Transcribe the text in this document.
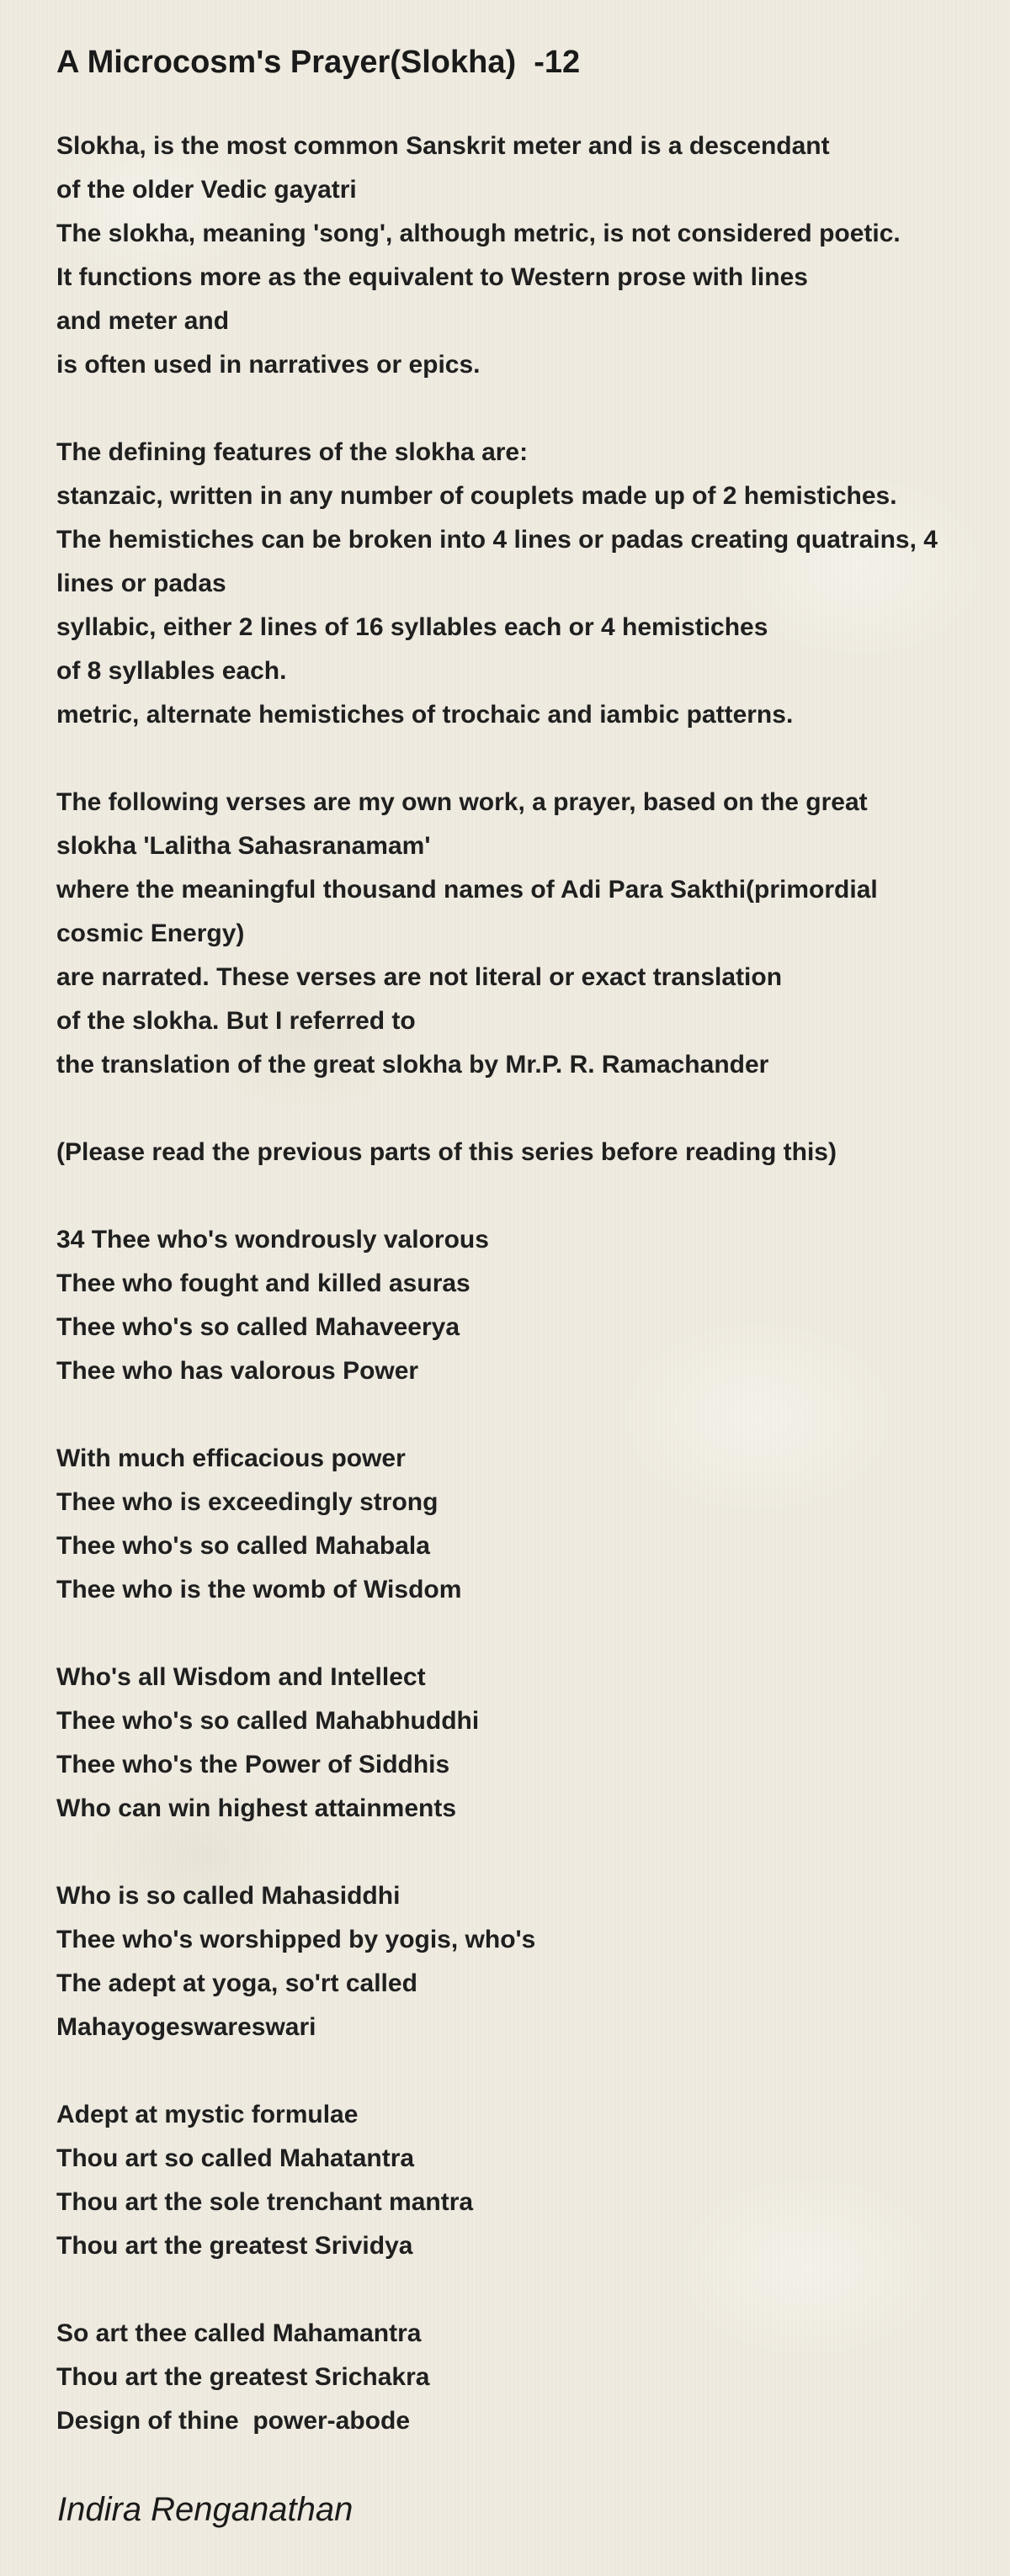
A Microcosm's Prayer(Slokha)  -12
Slokha, is the most common Sanskrit meter and is a descendant
of the older Vedic gayatri
The slokha, meaning 'song', although metric, is not considered poetic.
It functions more as the equivalent to Western prose with lines
and meter and
is often used in narratives or epics.
The defining features of the slokha are:
stanzaic, written in any number of couplets made up of 2 hemistiches.
The hemistiches can be broken into 4 lines or padas creating quatrains, 4
lines or padas
syllabic, either 2 lines of 16 syllables each or 4 hemistiches
of 8 syllables each.
metric, alternate hemistiches of trochaic and iambic patterns.
The following verses are my own work, a prayer, based on the great
slokha 'Lalitha Sahasranamam'
where the meaningful thousand names of Adi Para Sakthi(primordial
cosmic Energy)
are narrated. These verses are not literal or exact translation
of the slokha. But I referred to
the translation of the great slokha by Mr.P. R. Ramachander
(Please read the previous parts of this series before reading this)
34 Thee who's wondrously valorous
Thee who fought and killed asuras
Thee who's so called Mahaveerya
Thee who has valorous Power
With much efficacious power
Thee who is exceedingly strong
Thee who's so called Mahabala
Thee who is the womb of Wisdom
Who's all Wisdom and Intellect
Thee who's so called Mahabhuddhi
Thee who's the Power of Siddhis
Who can win highest attainments
Who is so called Mahasiddhi
Thee who's worshipped by yogis, who's
The adept at yoga, so'rt called
Mahayogeswareswari
Adept at mystic formulae
Thou art so called Mahatantra
Thou art the sole trenchant mantra
Thou art the greatest Srividya
So art thee called Mahamantra
Thou art the greatest Srichakra
Design of thine  power-abode
Indira Renganathan
